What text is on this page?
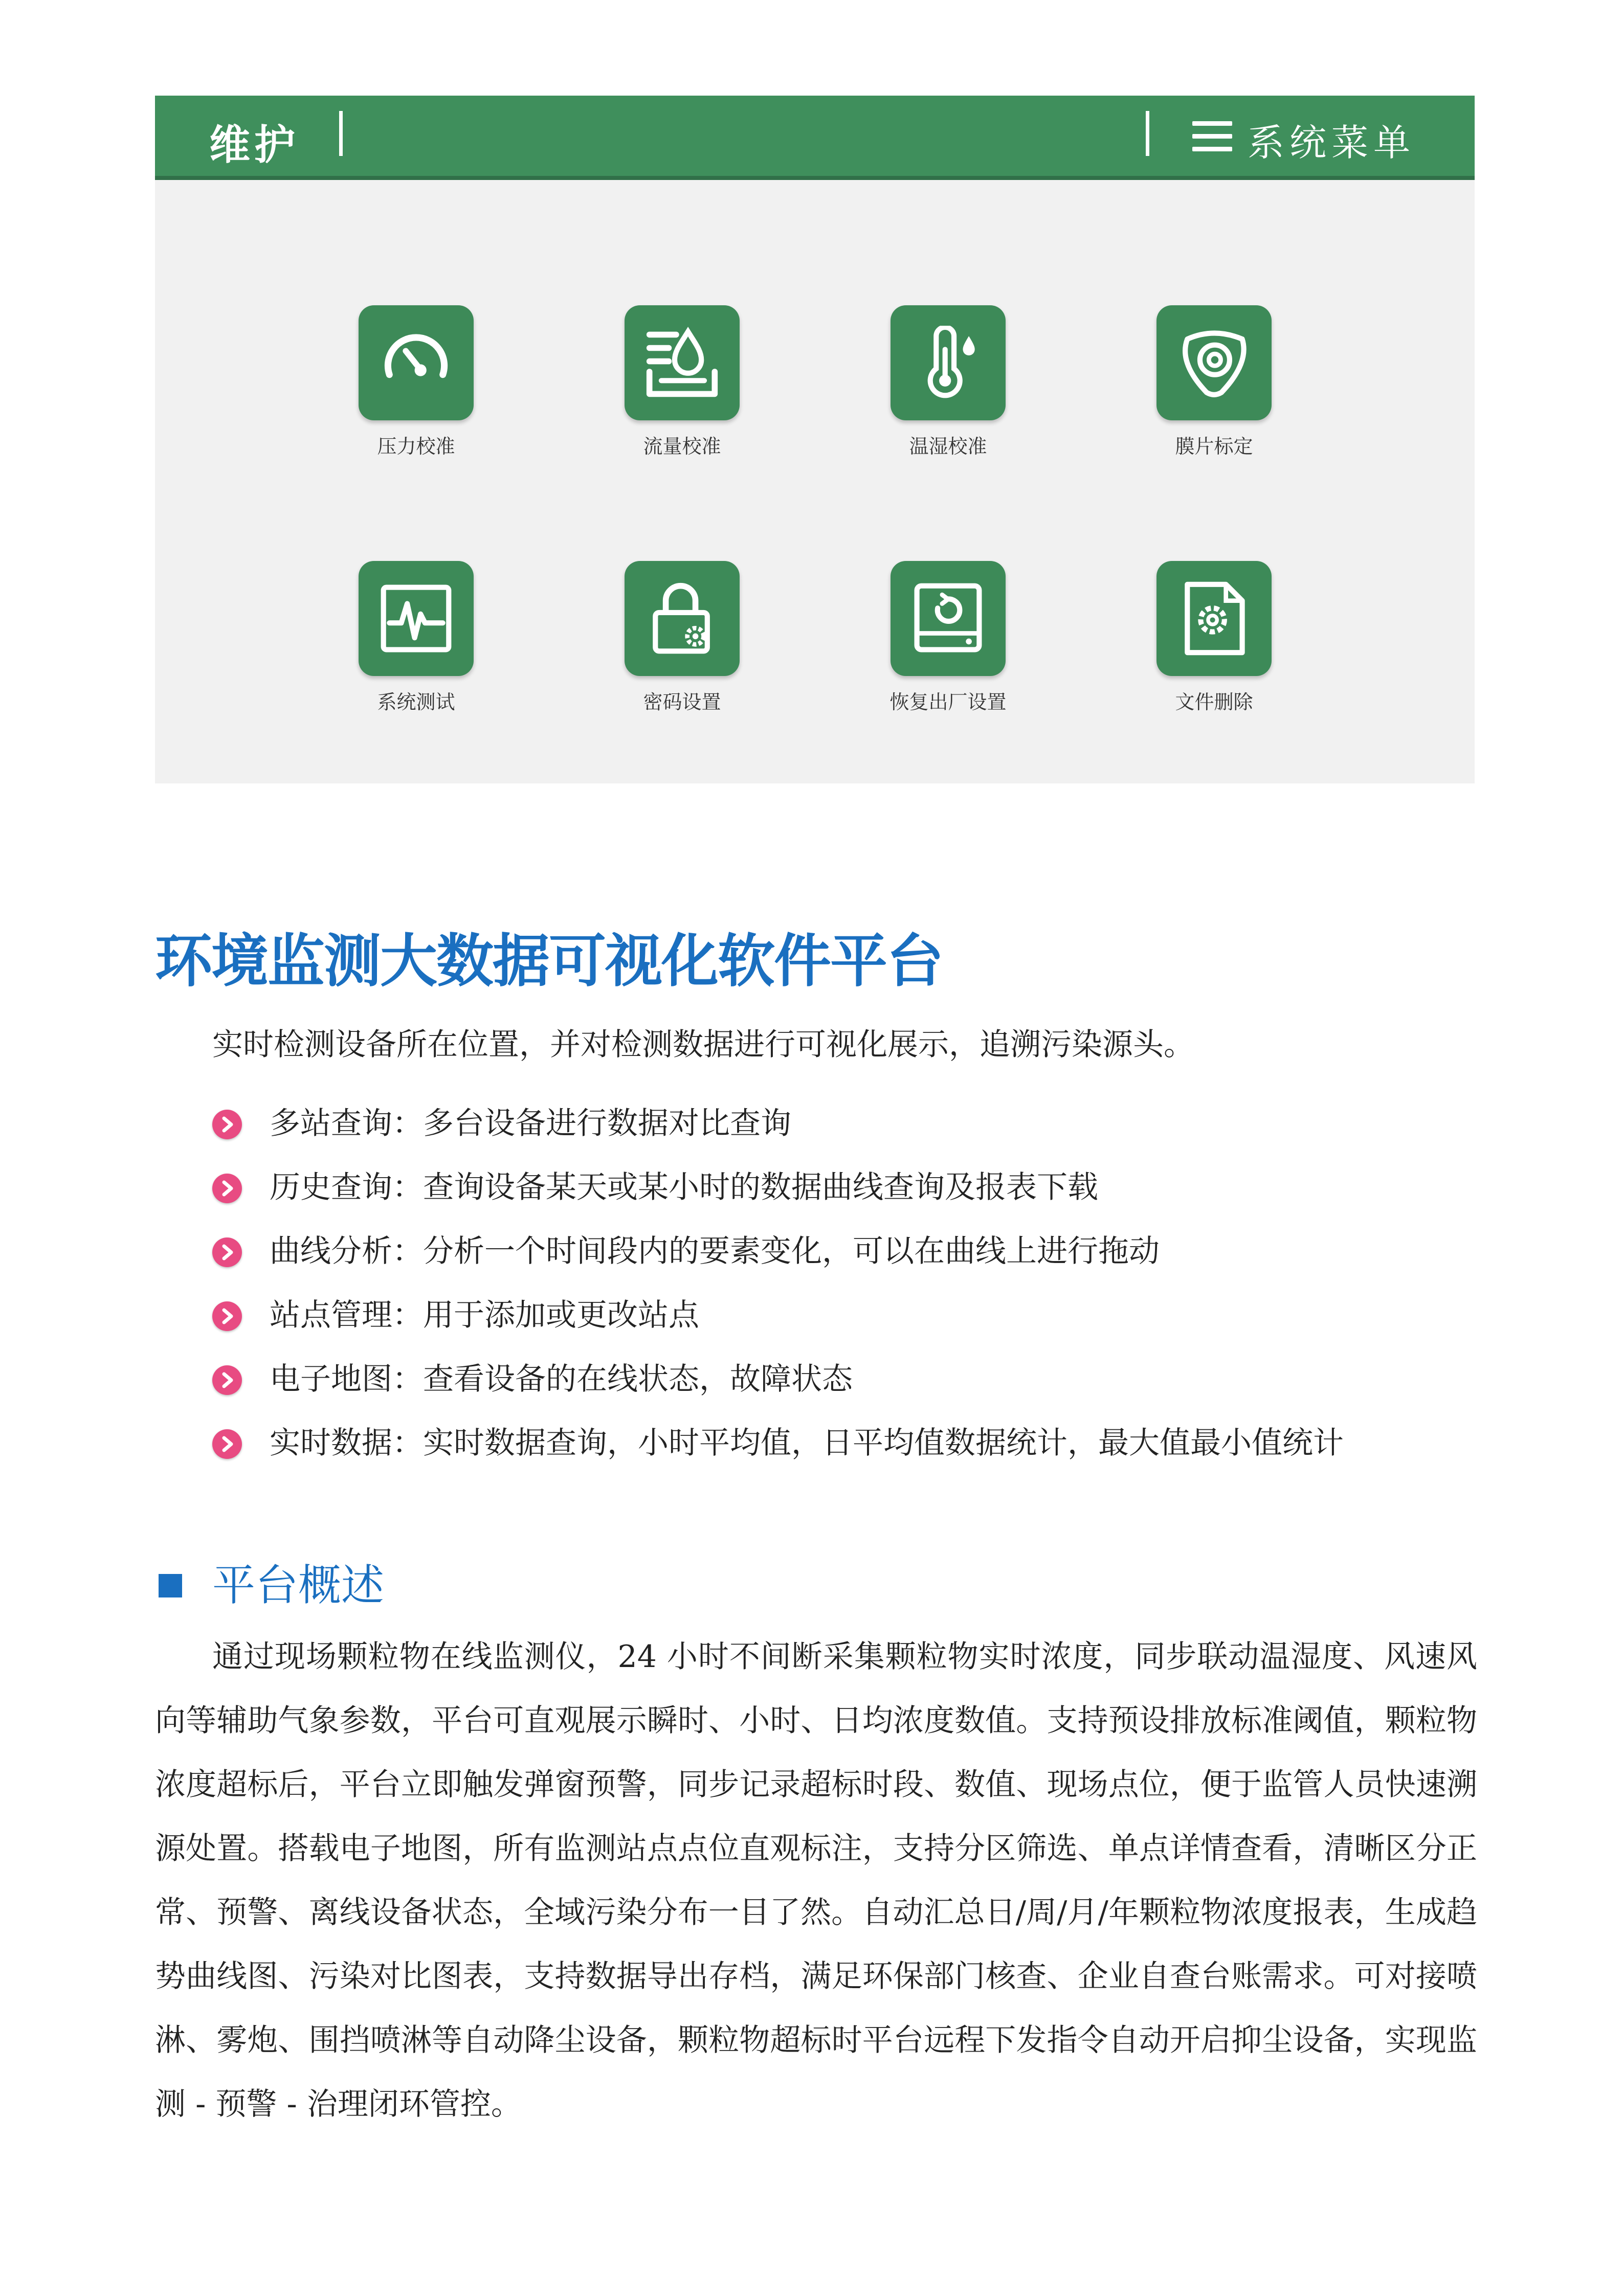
维护	系统菜单
压力校准	流量校准	温湿校准	膜片标定
系统测试	密码设置	恢复出厂设置	文件删除
环境监测大数据可视化软件平台
实时检测设备所在位置，并对检测数据进行可视化展示，追溯污染源头。
多站查询：多台设备进行数据对比查询
历史查询：查询设备某天或某小时的数据曲线查询及报表下载
曲线分析：分析一个时间段内的要素变化，可以在曲线上进行拖动
站点管理：用于添加或更改站点
电子地图：查看设备的在线状态，故障状态
实时数据：实时数据查询，小时平均值，日平均值数据统计，最大值最小值统计
平台概述

通过现场颗粒物在线监测仪，24 小时不间断采集颗粒物实时浓度，同步联动温湿度、风速风向等辅助气象参数，平台可直观展示瞬时、小时、日均浓度数值。支持预设排放标准阈值，颗粒物浓度超标后，平台立即触发弹窗预警，同步记录超标时段、数值、现场点位，便于监管人员快速溯源处置。搭载电子地图，所有监测站点点位直观标注，支持分区筛选、单点详情查看，清晰区分正常、预警、离线设备状态，全域污染分布一目了然。自动汇总日/周/月/年颗粒物浓度报表，生成趋势曲线图、污染对比图表，支持数据导出存档，满足环保部门核查、企业自查台账需求。可对接喷淋、雾炮、围挡喷淋等自动降尘设备，颗粒物超标时平台远程下发指令自动开启抑尘设备，实现监测 - 预警 - 治理闭环管控。
